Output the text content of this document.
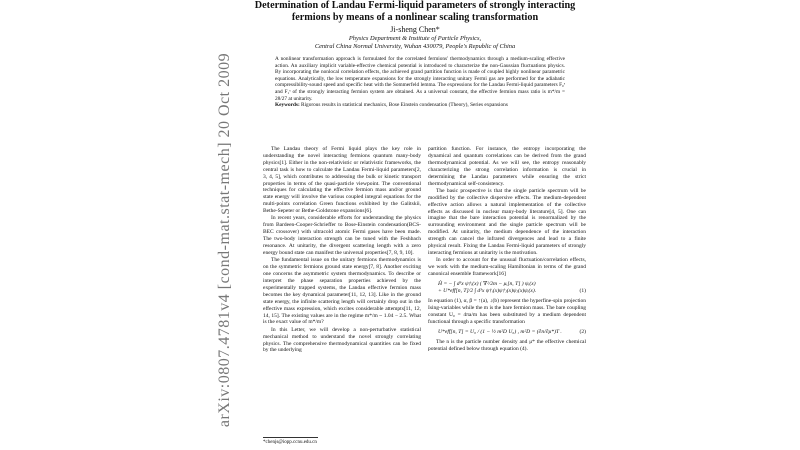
arXiv:0807.4781v4 [cond-mat.stat-mech] 20 Oct 2009
Determination of Landau Fermi-liquid parameters of strongly interacting fermions by means of a nonlinear scaling transformation
Ji-sheng Chen*
Physics Department & Institute of Particle Physics,
Central China Normal University, Wuhan 430079, People's Republic of China
A nonlinear transformation approach is formulated for the correlated fermions' thermodynamics through a medium-scaling effective action. An auxiliary implicit variable-effective chemical potential is introduced to characterize the non-Gaussian fluctuations physics. By incorporating the nonlocal correlation effects, the achieved grand partition function is made of coupled highly nonlinear parametric equations. Analytically, the low temperature expansions for the strongly interacting unitary Fermi gas are performed for the adiabatic compressibility-sound speed and specific heat with the Sommerfeld lemma. The expressions for the Landau Fermi-liquid parameters F₀ˢ and F₁ˢ of the strongly interacting fermion system are obtained. As a universal constant, the effective fermion mass ratio is m*/m = 28/27 at unitarity.
Keywords: Rigorous results in statistical mechanics, Bose Einstein condensation (Theory), Series expansions

The Landau theory of Fermi liquid plays the key role in understanding the novel interacting fermions quantum many-body physics[1]. Either in the non-relativistic or relativistic frameworks, the central task is how to calculate the Landau Fermi-liquid parameters[2, 3, 4, 5], which contributes to addressing the bulk or kinetic transport properties in terms of the quasi-particle viewpoint. The conventional techniques for calculating the effective fermion mass and/or ground state energy will involve the various coupled integral equations for the multi-points correlation Green functions exhibited by the Galitskii, Bethe-Sepeter or Bethe-Goldstone expansions[6].

In recent years, considerable efforts for understanding the physics from Bardeen-Cooper-Schrieffer to Bose-Einstein condensation(BCS-BEC crossover) with ultracold atomic Fermi gases have been made. The two-body interaction strength can be tuned with the Feshbach resonance. At unitarity, the divergent scattering length with a zero energy bound state can manifest the universal properties[7, 8, 9, 10].

The fundamental issue on the unitary fermions thermodynamics is on the symmetric fermions ground state energy[7, 8]. Another exciting one concerns the asymmetric system thermodynamics. To describe or interpret the phase separation properties achieved by the experimentally trapped systems, the Landau effective fermion mass becomes the key dynamical parameter[11, 12, 13]. Like in the ground state energy, the infinite scattering length will certainly drop out in the effective mass expression, which excites considerable attempts[11, 12, 14, 15]. The existing values are in the regime m*/m ~ 1.04 − 2.5. What is the exact value of m*/m?

In this Letter, we will develop a non-perturbative statistical mechanical method to understand the novel strongly correlating physics. The comprehensive thermodynamical quantities can be fixed by the underlying

partition function. For instance, the entropy incorporating the dynamical and quantum correlations can be derived from the grand thermodynamical potential. As we will see, the entropy reasonably characterizing the strong correlation information is crucial in determining the Landau parameters while ensuring the strict thermodynamical self-consistency.

The basic prospective is that the single particle spectrum will be modified by the collective dispersive effects. The medium-dependent effective action allows a natural implementation of the collective effects as discussed in nuclear many-body literature[4, 5]. One can imagine that the bare interaction potential is renormalized by the surrounding environment and the single particle spectrum will be modified. At unitarity, the medium dependence of the interaction strength can cancel the infrared divergences and lead to a finite physical result. Fixing the Landau Fermi-liquid parameters of strongly interacting fermions at unitarity is the motivation.

In order to account for the unusual fluctuation/correlation effects, we work with the medium-scaling Hamiltonian in terms of the grand canonical ensemble framework[16]

Ĥ = − ∫ d³x ψ†ᵢ(x) ( ∇²/2m − μᵢ[n, T] ) ψᵢ(x)
+ U*eff[n, T]/2 ∫ d³x ψ†ᵢ(x)ψ†ⱼ(x)ψⱼ(x)ψᵢ(x).	(1)

In equation (1), α, β = ↑(a), ↓(b) represent the hyperfine-spin projection Ising-variables while the m is the bare fermion mass. The bare coupling constant U₀ = 4πa/m has been substituted by a medium dependent functional through a specific transformation

U*eff[n, T] = U₀ / (1 − ½ m²D U₀) , m²D = (∂n/∂μ*)T .	(2)

The n is the particle number density and μ* the effective chemical potential defined below through equation (4).

*chenjs@iopp.ccnu.edu.cn
